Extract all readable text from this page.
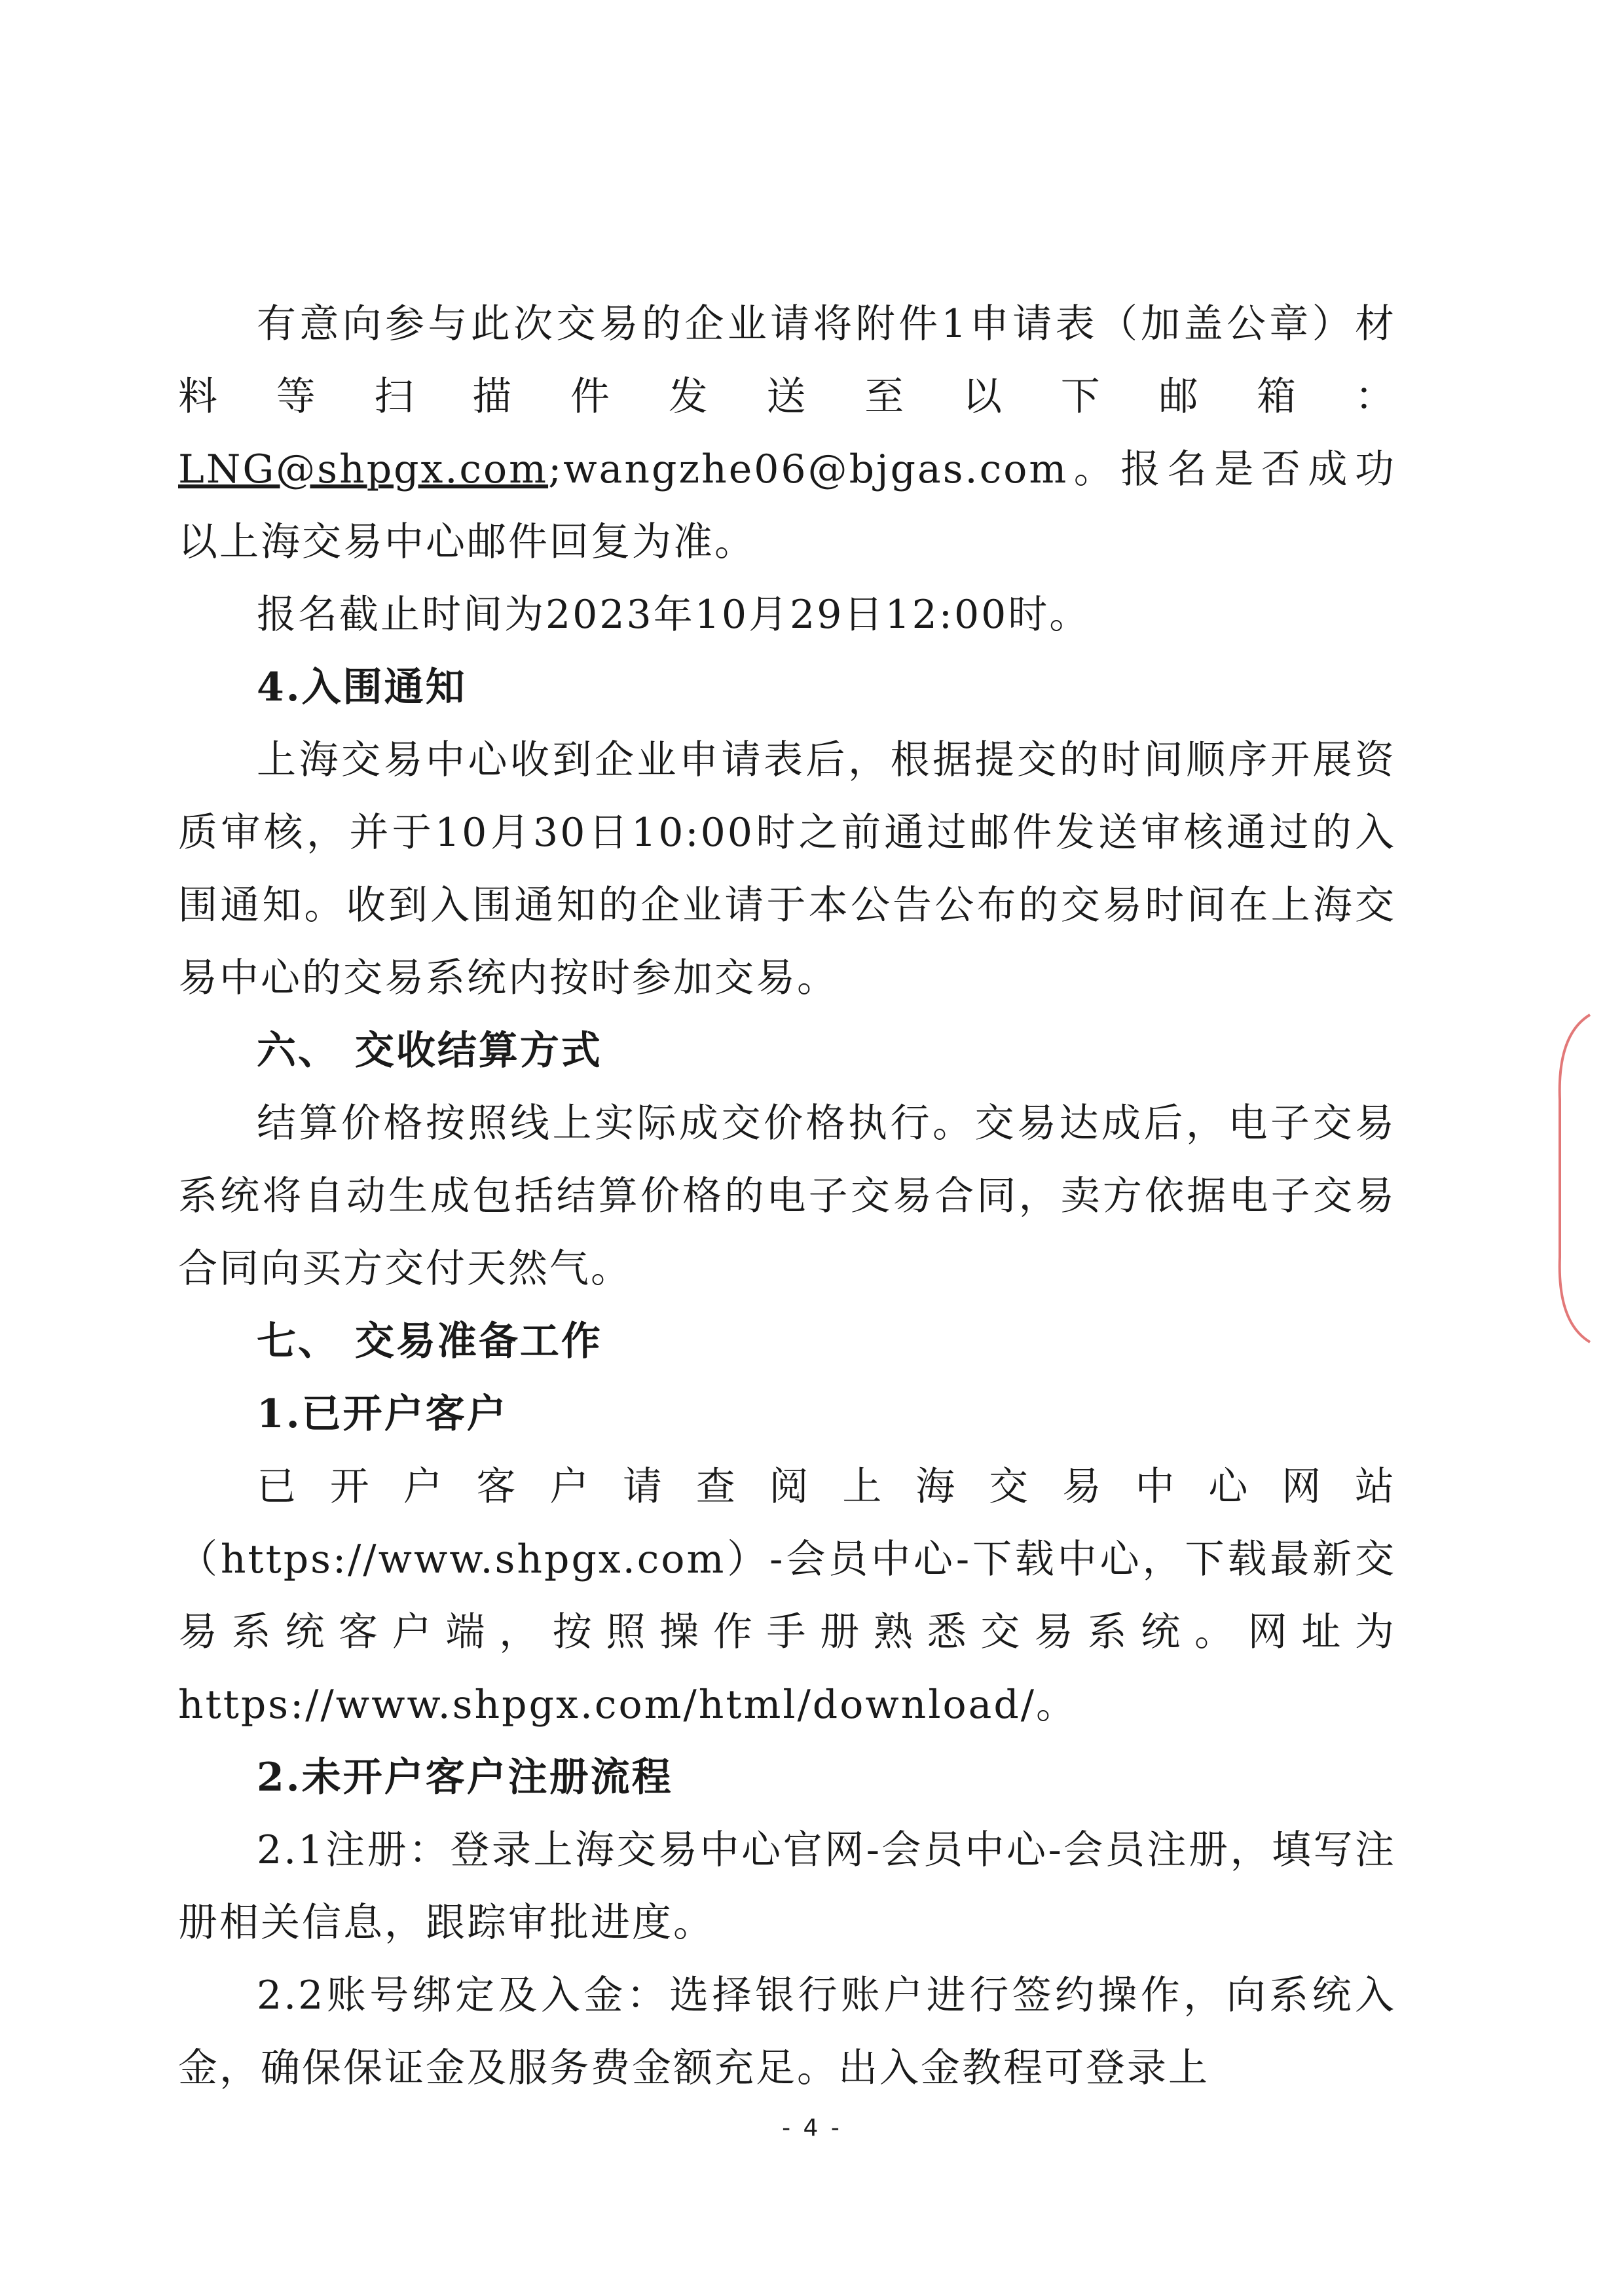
有意向参与此次交易的企业请将附件1申请表（加盖公章）材料等扫描件发送至以下邮箱：LNG@shpgx.com;wangzhe06@bjgas.com。报名是否成功以上海交易中心邮件回复为准。

报名截止时间为2023年10月29日12:00时。

4.入围通知

上海交易中心收到企业申请表后，根据提交的时间顺序开展资质审核，并于10月30日10:00时之前通过邮件发送审核通过的入围通知。收到入围通知的企业请于本公告公布的交易时间在上海交易中心的交易系统内按时参加交易。

六、 交收结算方式

结算价格按照线上实际成交价格执行。交易达成后，电子交易系统将自动生成包括结算价格的电子交易合同，卖方依据电子交易合同向买方交付天然气。

七、 交易准备工作

1.已开户客户

已开户客户请查阅上海交易中心网站（https://www.shpgx.com）-会员中心-下载中心，下载最新交易系统客户端，按照操作手册熟悉交易系统。网址为https://www.shpgx.com/html/download/。

2.未开户客户注册流程

2.1注册：登录上海交易中心官网-会员中心-会员注册，填写注册相关信息，跟踪审批进度。

2.2账号绑定及入金：选择银行账户进行签约操作，向系统入金，确保保证金及服务费金额充足。出入金教程可登录上

- 4 -
